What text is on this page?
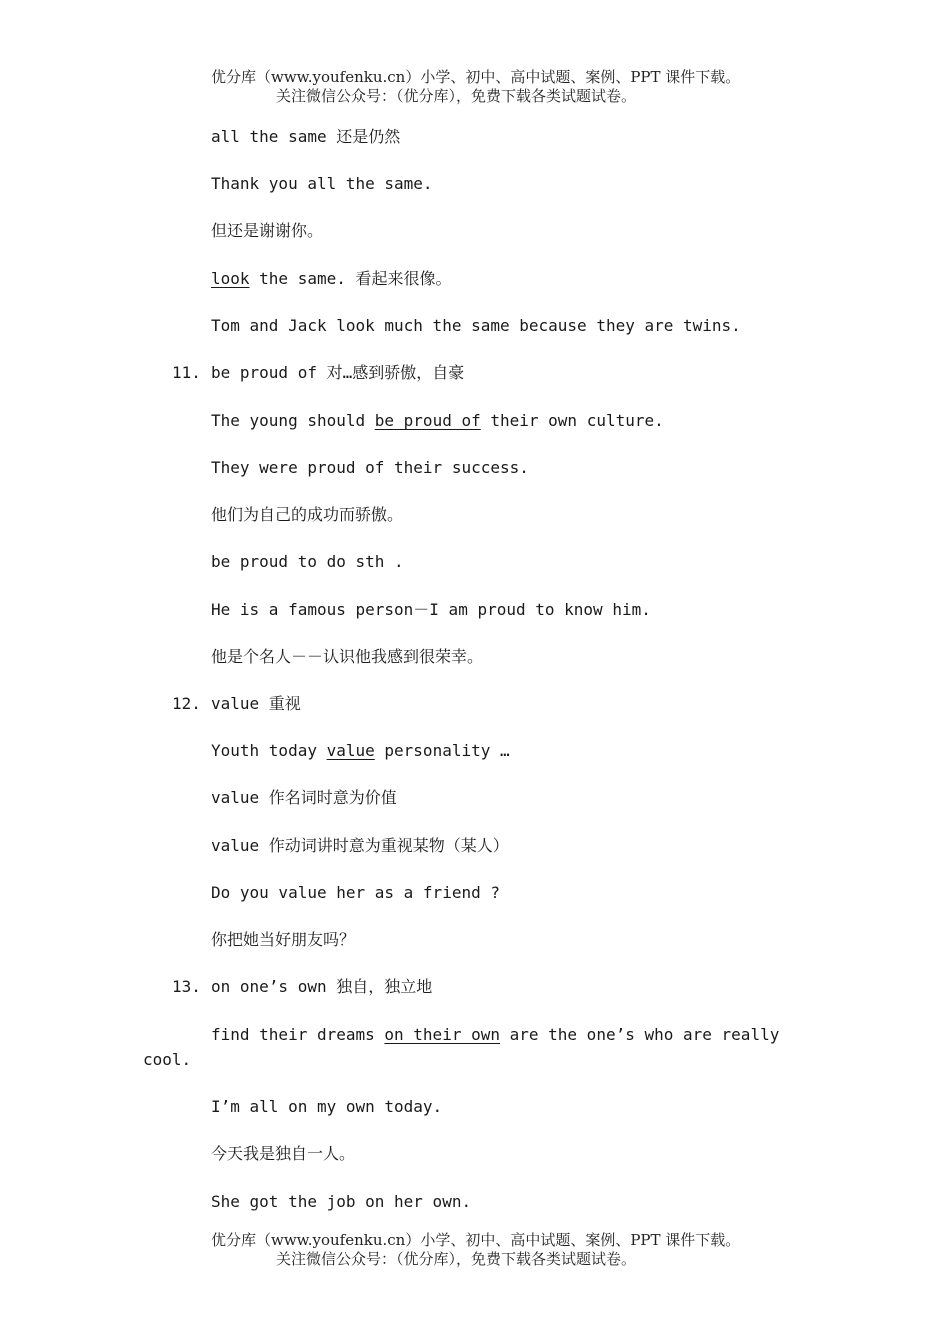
优分库（www.youfenku.cn）小学、初中、高中试题、案例、PPT 课件下载。
关注微信公众号：（优分库），免费下载各类试题试卷。
all the same 还是仍然
Thank you all the same.
但还是谢谢你。
look the same. 看起来很像。
Tom and Jack look much the same because they are twins.
11. be proud of 对…感到骄傲，自豪
The young should be proud of their own culture.
They were proud of their success.
他们为自己的成功而骄傲。
be proud to do sth .
He is a famous person－I am proud to know him.
他是个名人－－认识他我感到很荣幸。
12. value 重视
Youth today value personality …
value 作名词时意为价值
value 作动词讲时意为重视某物（某人）
Do you value her as a friend ?
你把她当好朋友吗？
13. on one’s own 独自，独立地
find their dreams on their own are the one’s who are really cool.
I’m all on my own today.
今天我是独自一人。
She got the job on her own.
优分库（www.youfenku.cn）小学、初中、高中试题、案例、PPT 课件下载。
关注微信公众号：（优分库），免费下载各类试题试卷。
